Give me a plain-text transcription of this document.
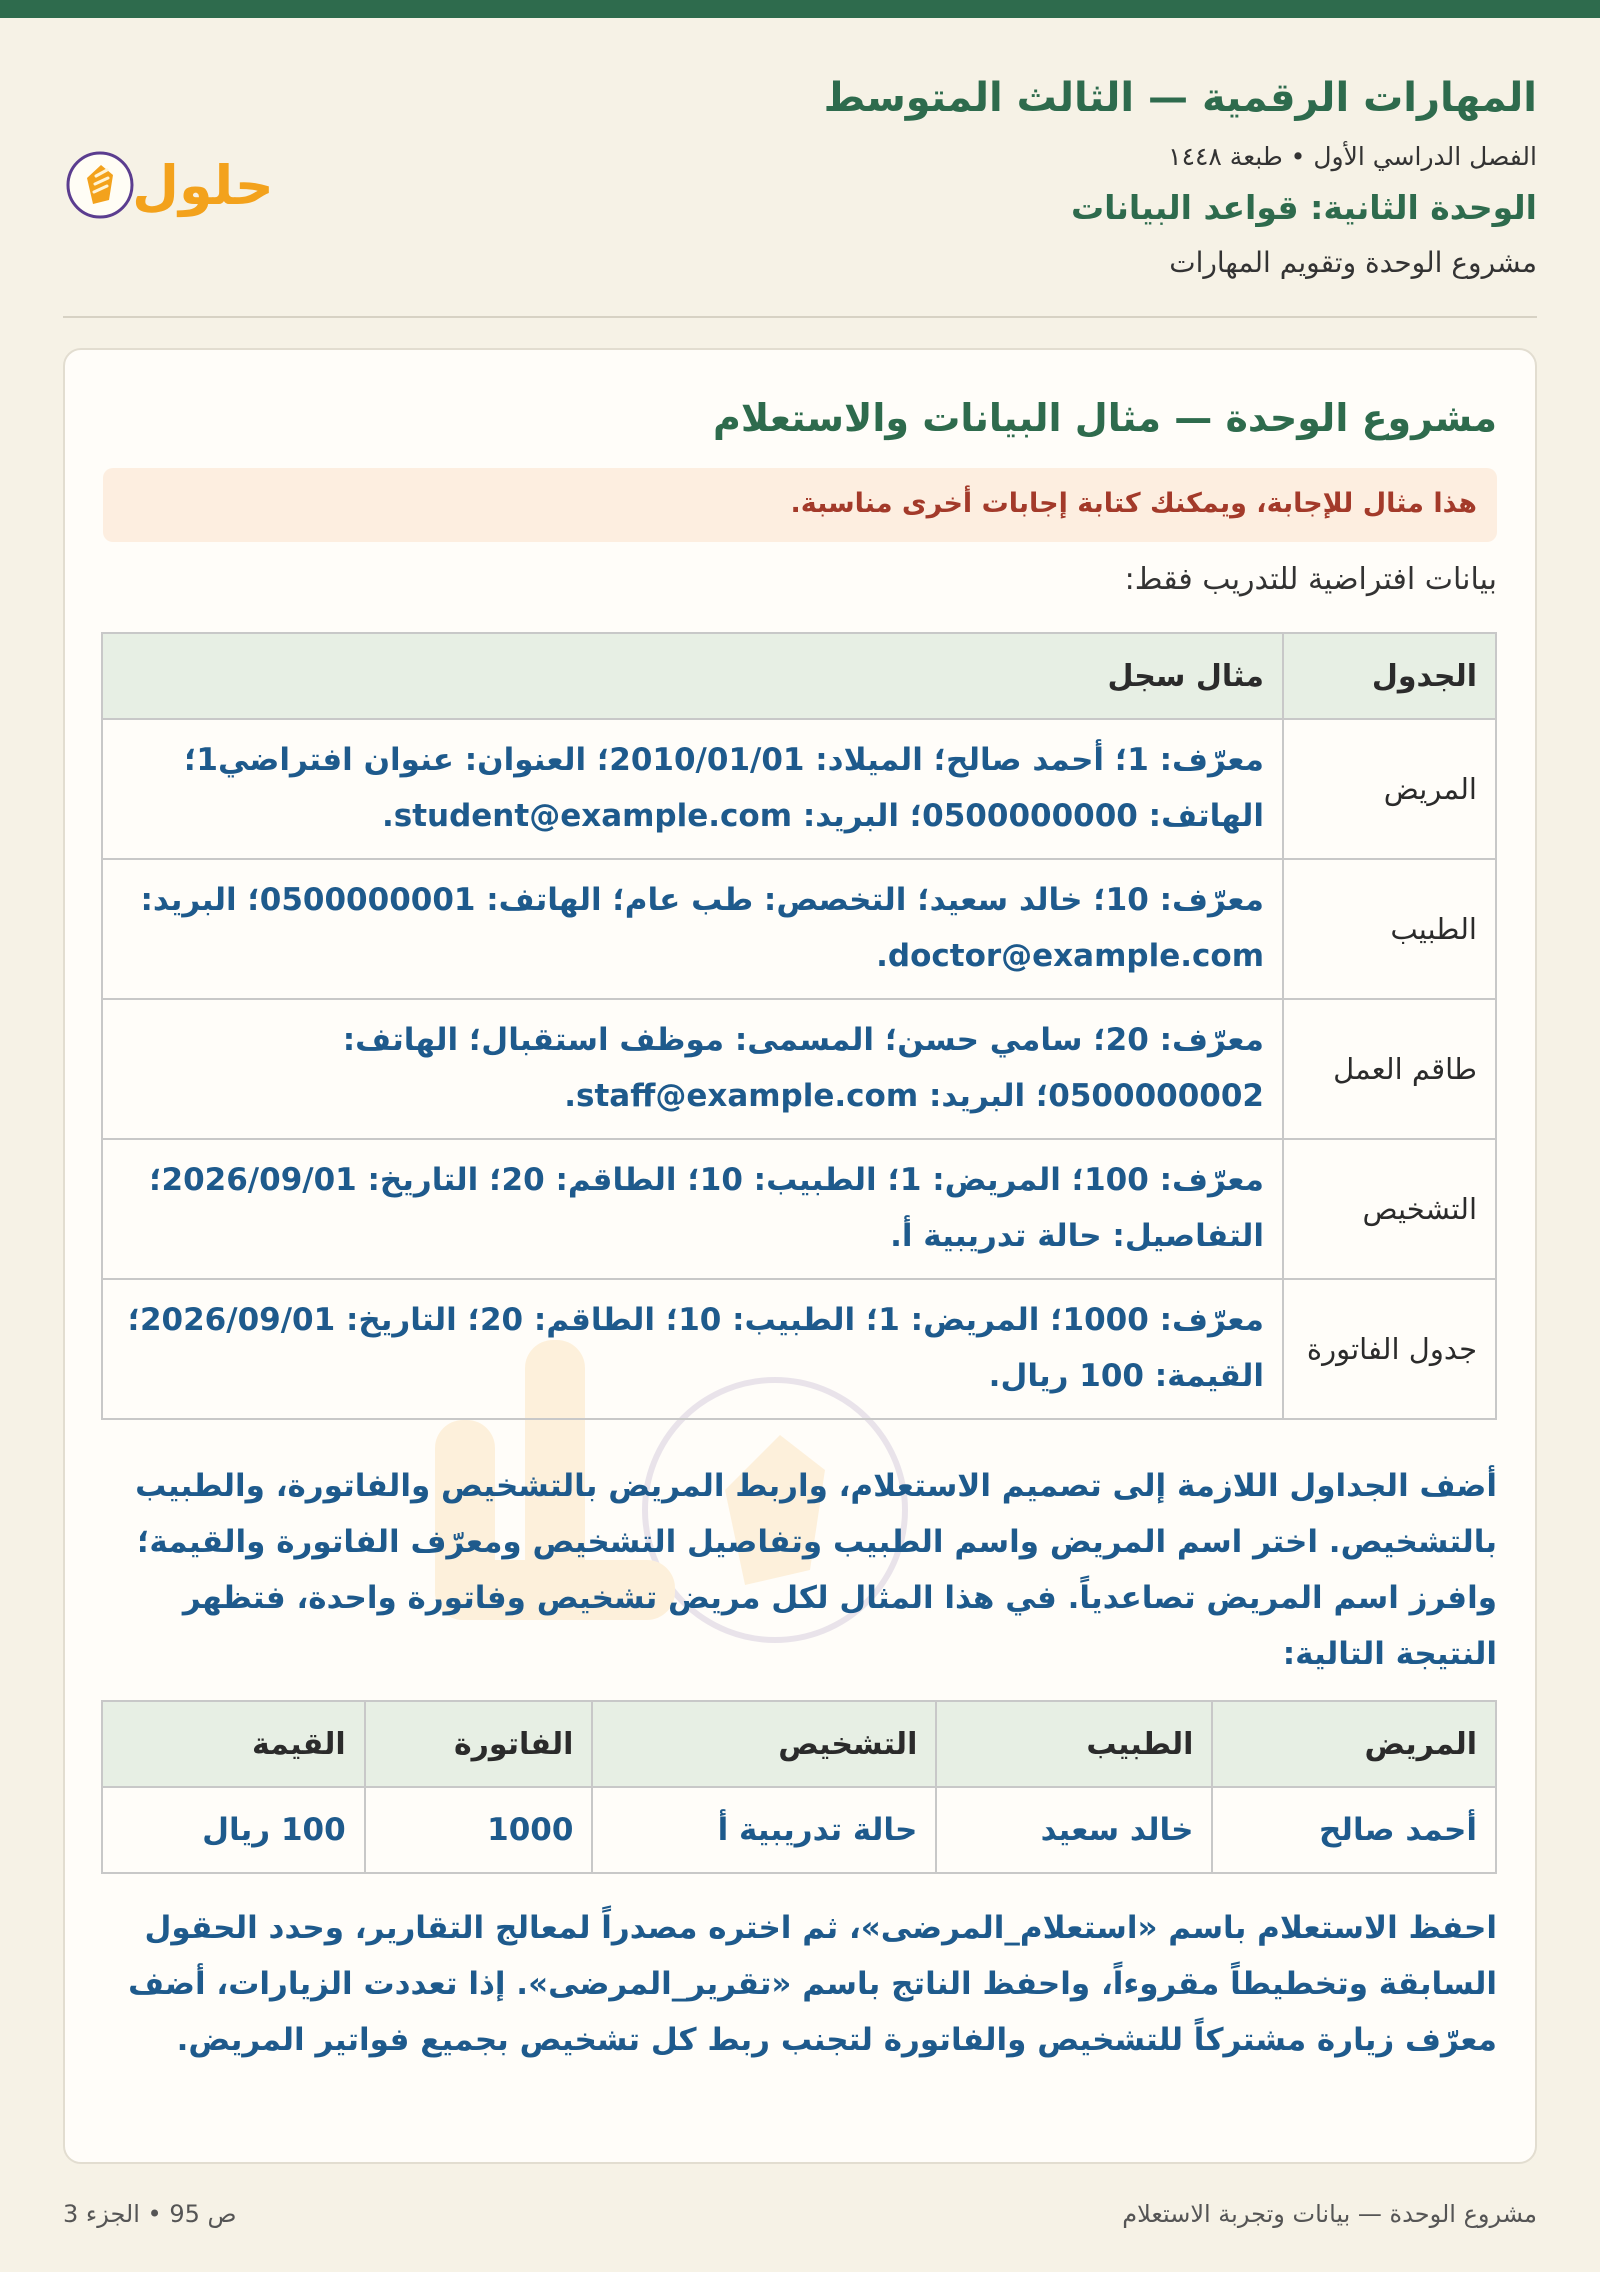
المهارات الرقمية — الثالث المتوسط
الفصل الدراسي الأول • طبعة ١٤٤٨
الوحدة الثانية: قواعد البيانات
مشروع الوحدة وتقويم المهارات
حلول
مشروع الوحدة — مثال البيانات والاستعلام
هذا مثال للإجابة، ويمكنك كتابة إجابات أخرى مناسبة.
بيانات افتراضية للتدريب فقط:
الجدول	مثال سجل
المريض	معرّف: 1؛ أحمد صالح؛ الميلاد: 2010/01/01؛ العنوان: عنوان افتراضي1؛ الهاتف: 0500000000؛ البريد: student@example.com.
الطبيب	معرّف: 10؛ خالد سعيد؛ التخصص: طب عام؛ الهاتف: 0500000001؛ البريد: doctor@example.com.
طاقم العمل	معرّف: 20؛ سامي حسن؛ المسمى: موظف استقبال؛ الهاتف: 0500000002؛ البريد: staff@example.com.
التشخيص	معرّف: 100؛ المريض: 1؛ الطبيب: 10؛ الطاقم: 20؛ التاريخ: 2026/09/01؛ التفاصيل: حالة تدريبية أ.
جدول الفاتورة	معرّف: 1000؛ المريض: 1؛ الطبيب: 10؛ الطاقم: 20؛ التاريخ: 2026/09/01؛ القيمة: 100 ريال.
أضف الجداول اللازمة إلى تصميم الاستعلام، واربط المريض بالتشخيص والفاتورة، والطبيب بالتشخيص. اختر اسم المريض واسم الطبيب وتفاصيل التشخيص ومعرّف الفاتورة والقيمة؛ وافرز اسم المريض تصاعدياً. في هذا المثال لكل مريض تشخيص وفاتورة واحدة، فتظهر النتيجة التالية:
المريض	الطبيب	التشخيص	الفاتورة	القيمة
أحمد صالح	خالد سعيد	حالة تدريبية أ	1000	100 ريال
احفظ الاستعلام باسم «استعلام_المرضى»، ثم اختره مصدراً لمعالج التقارير، وحدد الحقول السابقة وتخطيطاً مقروءاً، واحفظ الناتج باسم «تقرير_المرضى». إذا تعددت الزيارات، أضف معرّف زيارة مشتركاً للتشخيص والفاتورة لتجنب ربط كل تشخيص بجميع فواتير المريض.
مشروع الوحدة — بيانات وتجربة الاستعلام
ص 95 • الجزء 3
